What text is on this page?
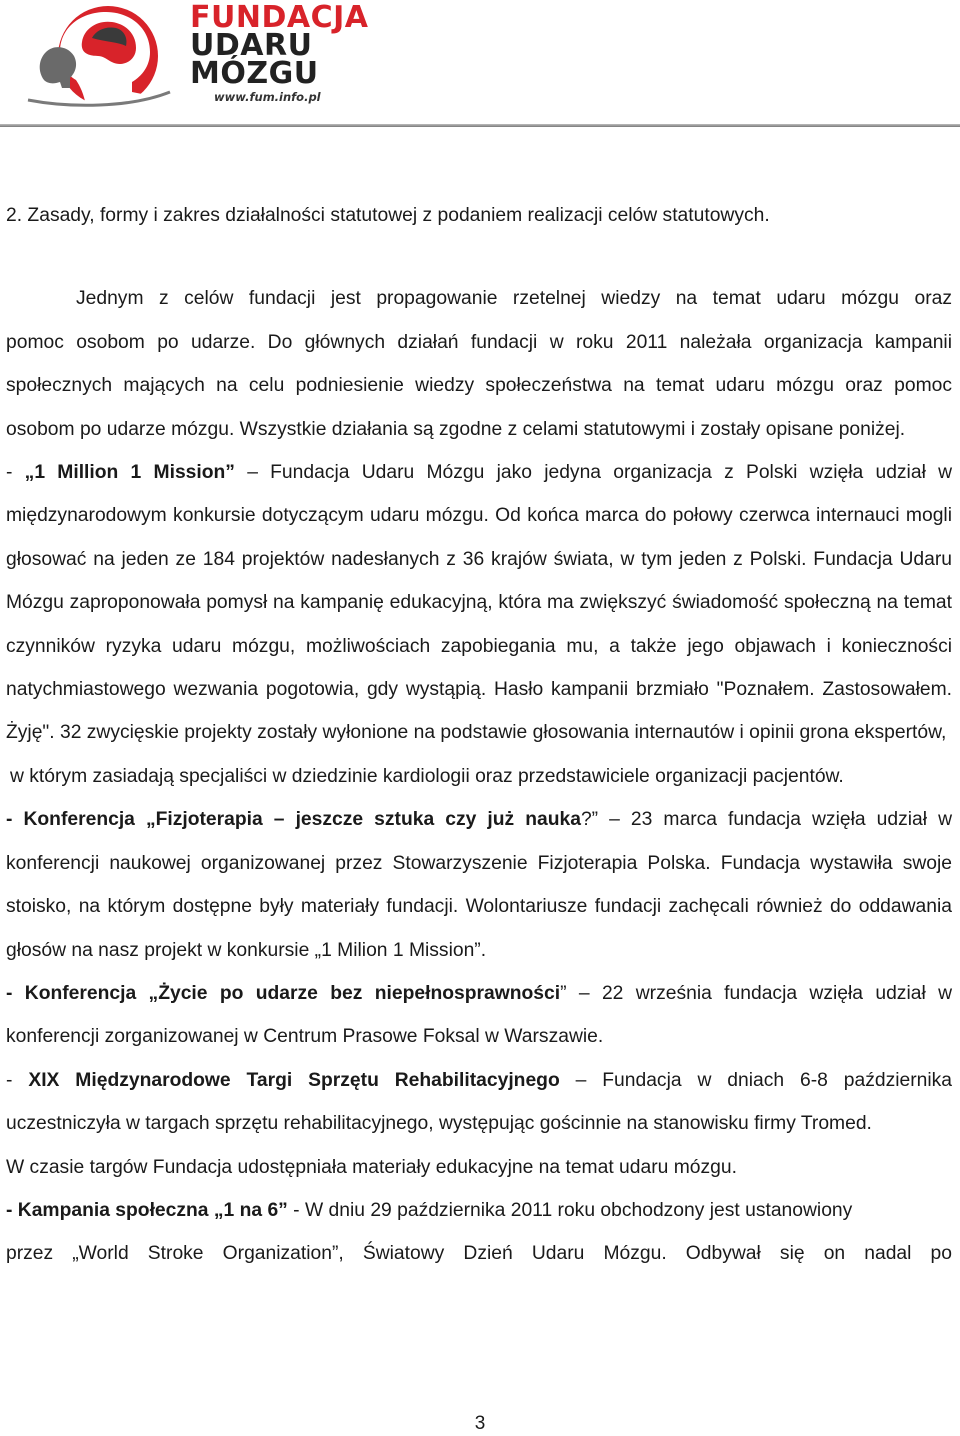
FUNDACJA
UDARU
MÓZGU
www.fum.info.pl

2. Zasady, formy i zakres działalności statutowej z podaniem realizacji celów statutowych.

Jednym z celów fundacji jest propagowanie rzetelnej wiedzy na temat udaru mózgu oraz

pomoc osobom po udarze. Do głównych działań fundacji w roku 2011 należała organizacja kampanii społecznych mających na celu podniesienie wiedzy społeczeństwa na temat udaru mózgu oraz pomoc osobom po udarze mózgu. Wszystkie działania są zgodne z celami statutowymi i zostały opisane poniżej.

- „1 Million 1 Mission” – Fundacja Udaru Mózgu jako jedyna organizacja z Polski wzięła udział w międzynarodowym konkursie dotyczącym udaru mózgu. Od końca marca do połowy czerwca internauci mogli głosować na jeden ze 184 projektów nadesłanych z 36 krajów świata, w tym jeden z Polski. Fundacja Udaru Mózgu zaproponowała pomysł na kampanię edukacyjną, która ma zwiększyć świadomość społeczną na temat czynników ryzyka udaru mózgu, możliwościach zapobiegania mu, a także jego objawach i konieczności natychmiastowego wezwania pogotowia, gdy wystąpią. Hasło kampanii brzmiało "Poznałem. Zastosowałem. Żyję". 32 zwycięskie projekty zostały wyłonione na podstawie głosowania internautów i opinii grona ekspertów,

w którym zasiadają specjaliści w dziedzinie kardiologii oraz przedstawiciele organizacji pacjentów.

- Konferencja „Fizjoterapia – jeszcze sztuka czy już nauka?” – 23 marca fundacja wzięła udział w konferencji naukowej organizowanej przez Stowarzyszenie Fizjoterapia Polska. Fundacja wystawiła swoje stoisko, na którym dostępne były materiały fundacji. Wolontariusze fundacji zachęcali również do oddawania głosów na nasz projekt w konkursie „1 Milion 1 Mission”.

- Konferencja „Życie po udarze bez niepełnosprawności” – 22 września fundacja wzięła udział w konferencji zorganizowanej w Centrum Prasowe Foksal w Warszawie.

- XIX Międzynarodowe Targi Sprzętu Rehabilitacyjnego – Fundacja w dniach 6-8 października uczestniczyła w targach sprzętu rehabilitacyjnego, występując gościnnie na stanowisku firmy Tromed.

W czasie targów Fundacja udostępniała materiały edukacyjne na temat udaru mózgu.

- Kampania społeczna „1 na 6” - W dniu 29 października 2011 roku obchodzony jest ustanowiony

przez „World Stroke Organization”, Światowy Dzień Udaru Mózgu. Odbywał się on nadal po

3
